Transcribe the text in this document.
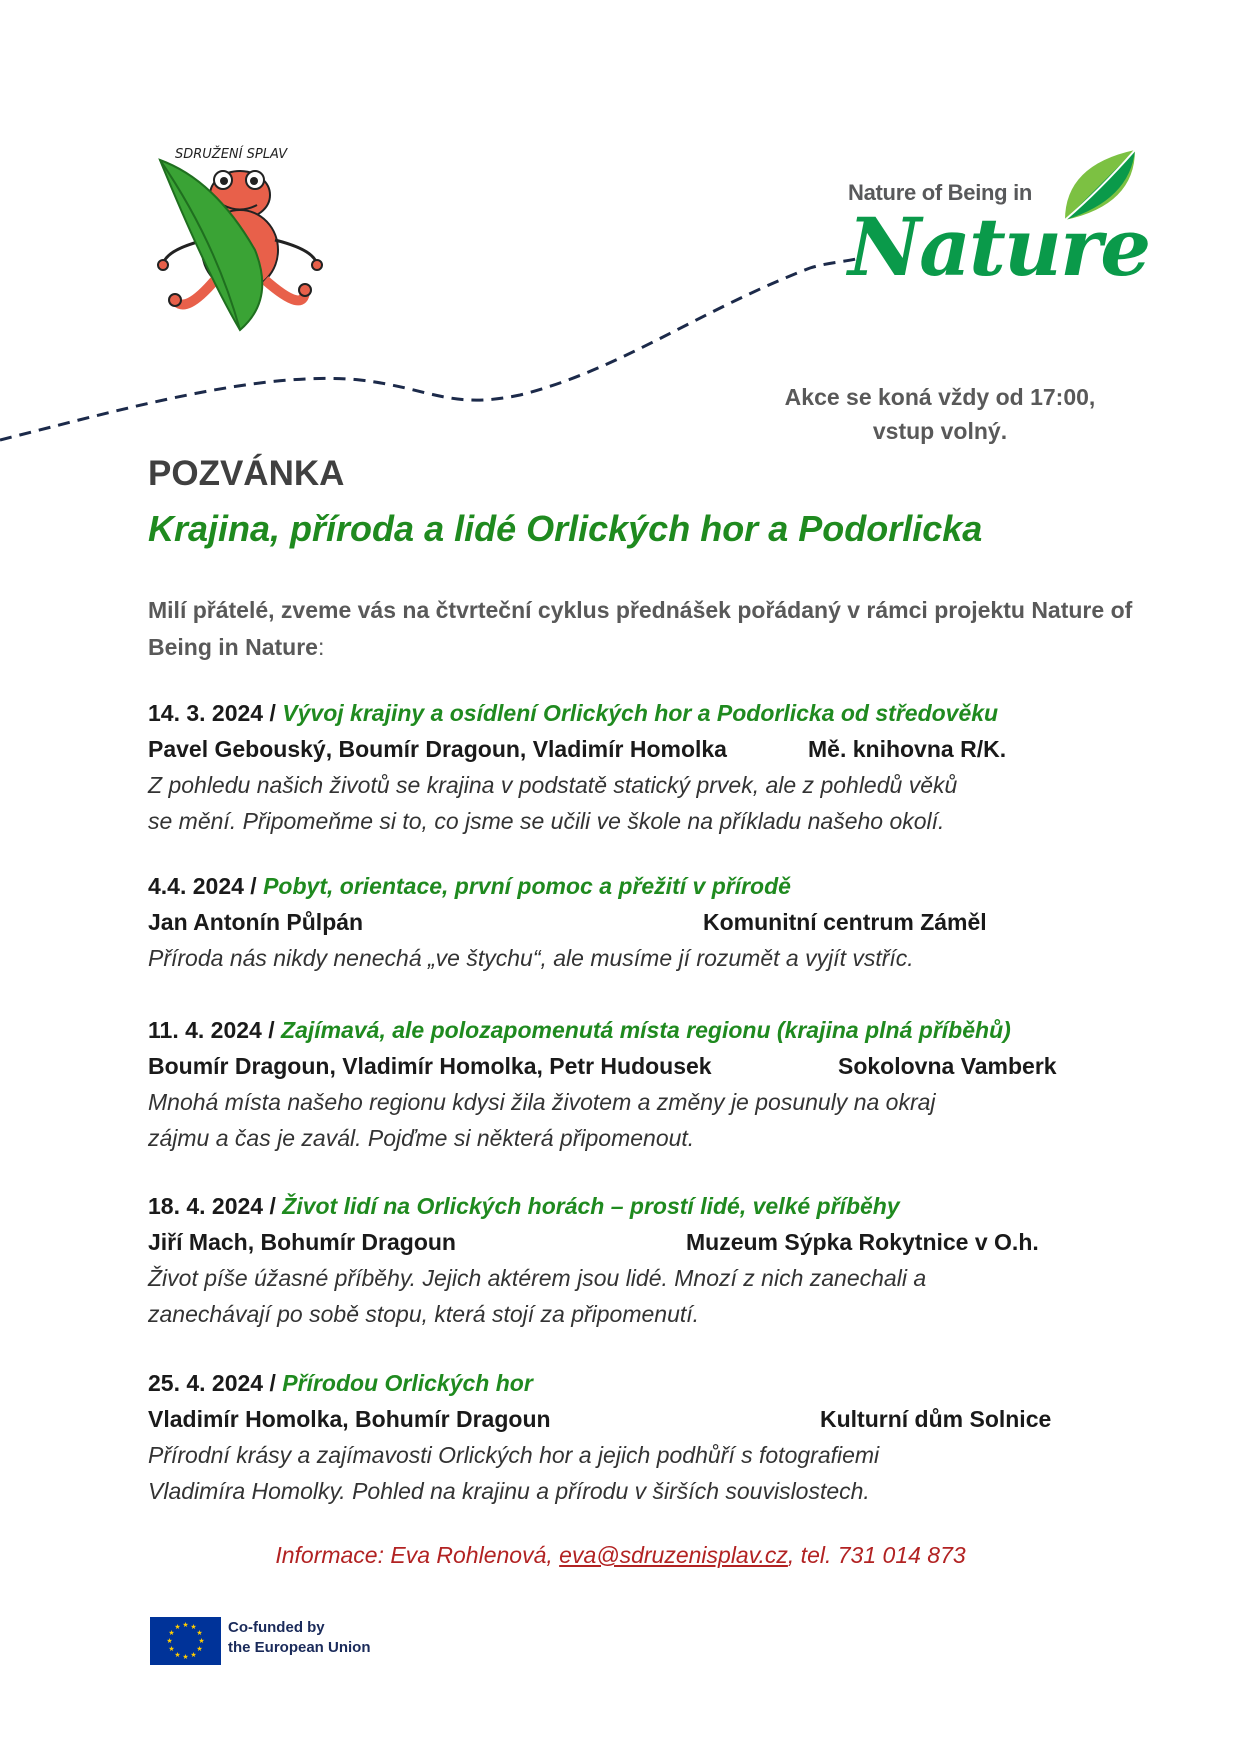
SDRUŽENÍ SPLAV
Nature of Being in
Nature
Akce se koná vždy od 17:00,
vstup volný.
POZVÁNKA
Krajina, příroda a lidé Orlických hor a Podorlicka
Milí přátelé, zveme vás na čtvrteční cyklus přednášek pořádaný v rámci projektu Nature of Being in Nature:
14. 3. 2024 / Vývoj krajiny a osídlení Orlických hor a Podorlicka od středověku
Pavel Gebouský, Boumír Dragoun, Vladimír Homolka	Mě. knihovna R/K.
Z pohledu našich životů se krajina v podstatě statický prvek, ale z pohledů věků
se mění. Připomeňme si to, co jsme se učili ve škole na příkladu našeho okolí.
4.4. 2024 / Pobyt, orientace, první pomoc a přežití v přírodě
Jan Antonín Půlpán	Komunitní centrum Záměl
Příroda nás nikdy nenechá „ve štychu“, ale musíme jí rozumět a vyjít vstříc.
11. 4. 2024 / Zajímavá, ale polozapomenutá místa regionu (krajina plná příběhů)
Boumír Dragoun, Vladimír Homolka, Petr Hudousek	Sokolovna Vamberk
Mnohá místa našeho regionu kdysi žila životem a změny je posunuly na okraj
zájmu a čas je zavál. Pojďme si některá připomenout.
18. 4. 2024 / Život lidí na Orlických horách – prostí lidé, velké příběhy
Jiří Mach, Bohumír Dragoun	Muzeum Sýpka Rokytnice v O.h.
Život píše úžasné příběhy. Jejich aktérem jsou lidé. Mnozí z nich zanechali a
zanechávají po sobě stopu, která stojí za připomenutí.
25. 4. 2024 / Přírodou Orlických hor
Vladimír Homolka, Bohumír Dragoun	Kulturní dům Solnice
Přírodní krásy a zajímavosti Orlických hor a jejich podhůří s fotografiemi
Vladimíra Homolky. Pohled na krajinu a přírodu v širších souvislostech.
Informace: Eva Rohlenová, eva@sdruzenisplav.cz, tel. 731 014 873
★ ★
★
★
★
★
★
★
★
★
★
★	Co-funded by
the European Union
